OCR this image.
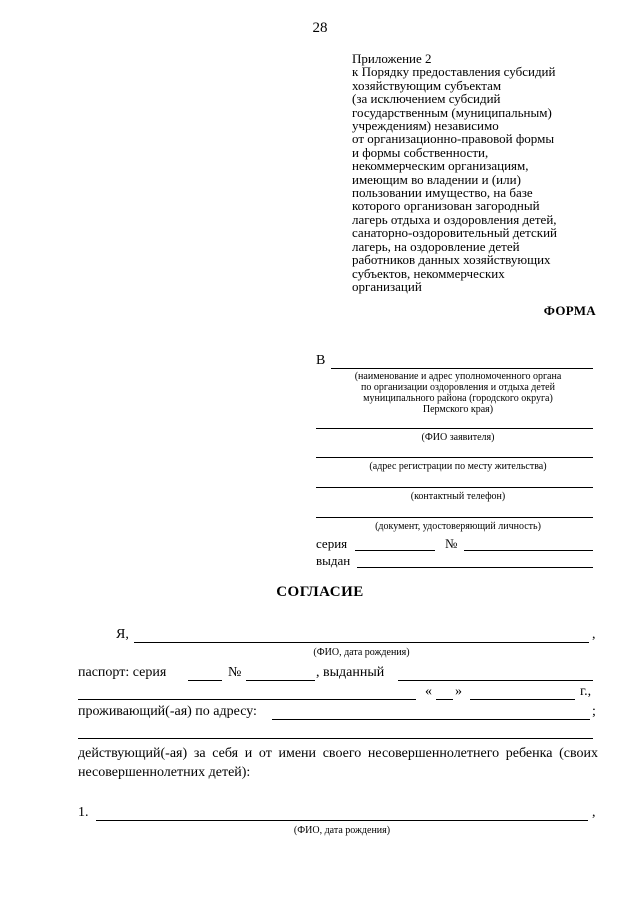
28
Приложение 2
к Порядку предоставления субсидий
хозяйствующим субъектам
(за исключением субсидий
государственным (муниципальным)
учреждениям) независимо
от организационно-правовой формы
и формы собственности,
некоммерческим организациям,
имеющим во владении и (или)
пользовании имущество, на базе
которого организован загородный
лагерь отдыха и оздоровления детей,
санаторно-оздоровительный детский
лагерь, на оздоровление детей
работников данных хозяйствующих
субъектов, некоммерческих
организаций
ФОРМА
В
(наименование и адрес уполномоченного органа
по организации оздоровления и отдыха детей
муниципального района (городского округа)
Пермского края)
(ФИО заявителя)
(адрес регистрации по месту жительства)
(контактный телефон)
(документ, удостоверяющий личность)
серия	№
выдан
СОГЛАСИЕ
Я,	,
(ФИО, дата рождения)
паспорт: серия	№	, выданный
« »	г.,
проживающий(-ая) по адресу:	;
действующий(-ая) за себя и от имени своего несовершеннолетнего ребенка (своих несовершеннолетних детей):
1.	,
(ФИО, дата рождения)
